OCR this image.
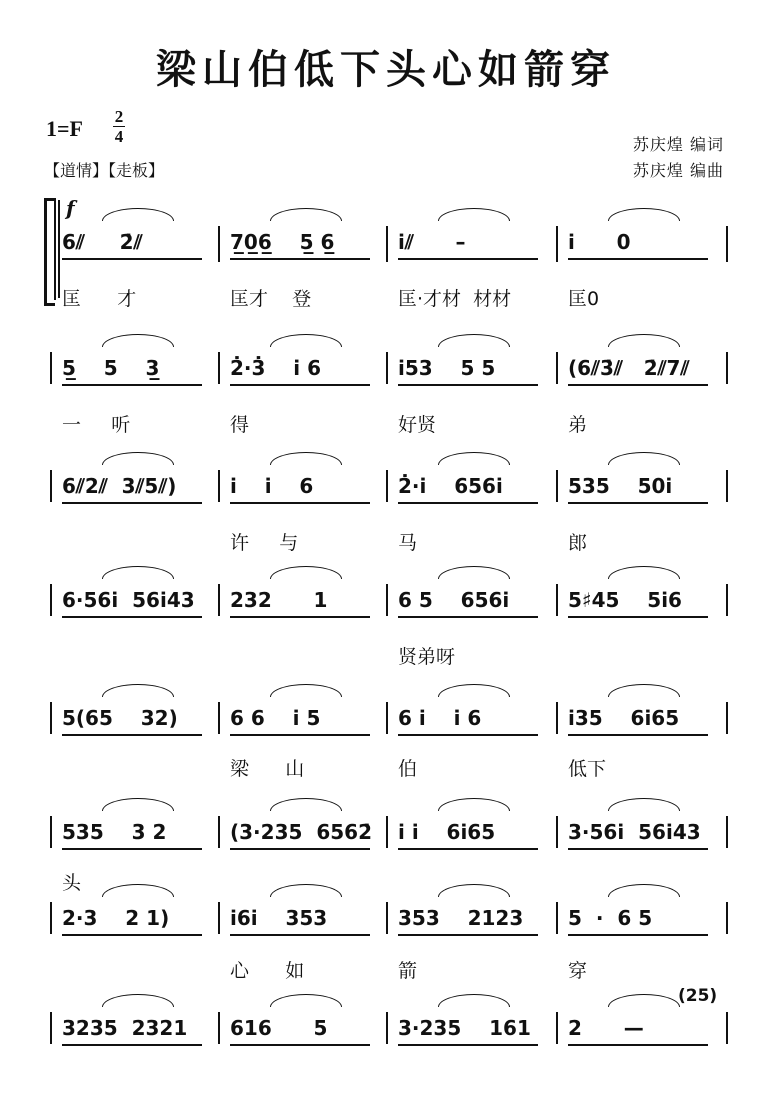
梁山伯低下头心如箭穿
1=F 2
4
【道情】【走板】
苏庆煌 编词
苏庆煌 编曲
f
6⫽     2̇⫽
匡      才
7̲0̲6̲    5̲ 6̲
匡才    登
i̇⫽      –
匡·才材  材材
i̇      0
匡0
5̲    5    3̲
一     听
2̇·3̇    i̇ 6
得
i̇53    5 5
好贤
(6⫽3̇⫽   2̇⫽7⫽
弟
6⫽2⫽  3⫽5⫽)	i̇    i̇    6
许     与
2̇·i̇    656i̇
马
535    50i̇
郎
6·56i̇  56i̇43 232      1	6 5    656i̇
贤弟呀
5♯45    5i̇6
5(65    32)	6 6    i̇ 5
梁      山
6 i̇    i̇ 6
伯
i̇35    6i̇65
低下
535    3 2
头
(3·235  6562̇ i̇ i̇    6i̇65	3·56i̇  56i̇43
2·3    2 1)	i̇6i̇    353
心      如
353    2123
箭
5  ·  6 5
穿
3235  2321 616      5	3·235    161 2      —
(25)
